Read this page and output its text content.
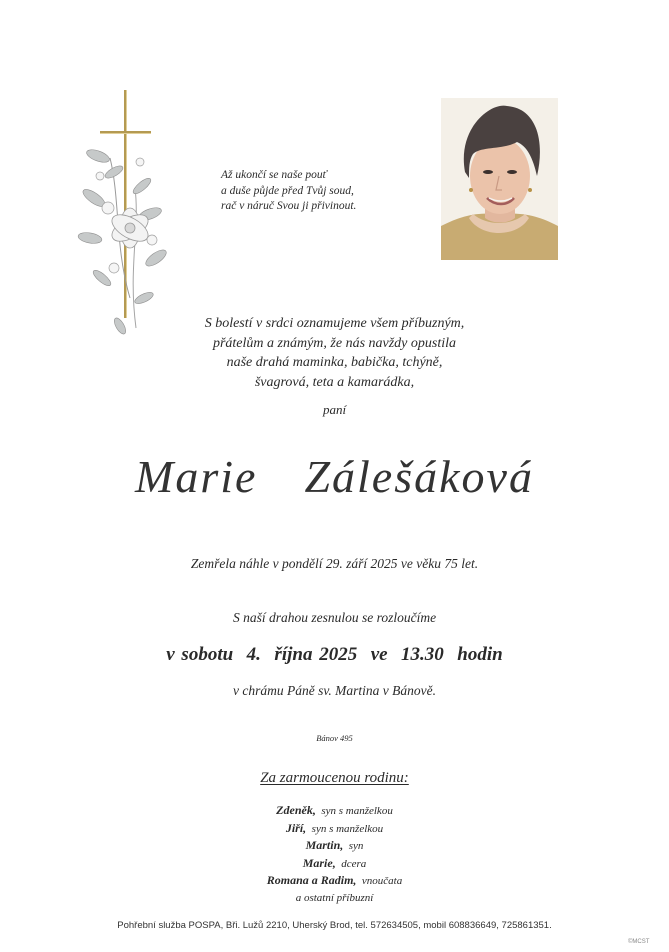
Až ukončí se naše pouť
a duše půjde před Tvůj soud,
rač v náruč Svou ji přivinout.
S bolestí v srdci oznamujeme všem příbuzným,
přátelům a známým, že nás navždy opustila
naše drahá maminka, babička, tchýně,
švagrová, teta a kamarádka,
paní
Marie  Zálešáková
Zemřela náhle v pondělí 29. září 2025 ve věku 75 let.
S naší drahou zesnulou se rozloučíme
v sobotu  4.  října 2025  ve  13.30  hodin
v chrámu Páně sv. Martina v Bánově.
Bánov 495
Za zarmoucenou rodinu:
Zdeněk, syn s manželkou
Jiří, syn s manželkou
Martin, syn
Marie, dcera
Romana a Radim, vnoučata
a ostatní příbuzní
Pohřební služba POSPA, Bři. Lužů 2210, Uherský Brod, tel. 572634505, mobil 608836649, 725861351.
©MCST
